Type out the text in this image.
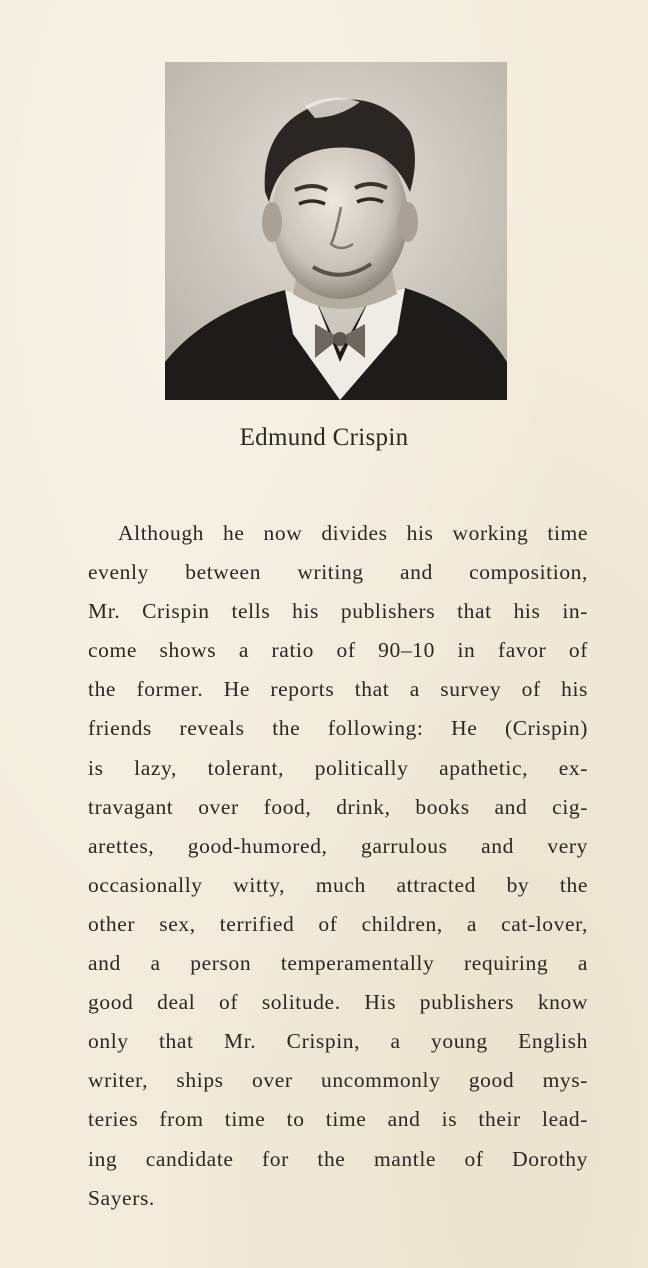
Edmund Crispin
Although he now divides his working time
evenly between writing and composition,
Mr. Crispin tells his publishers that his in-
come shows a ratio of 90–10 in favor of
the former. He reports that a survey of his
friends reveals the following: He (Crispin)
is lazy, tolerant, politically apathetic, ex-
travagant over food, drink, books and cig-
arettes, good-humored, garrulous and very
occasionally witty, much attracted by the
other sex, terrified of children, a cat-lover,
and a person temperamentally requiring a
good deal of solitude. His publishers know
only that Mr. Crispin, a young English
writer, ships over uncommonly good mys-
teries from time to time and is their lead-
ing candidate for the mantle of Dorothy
Sayers.
